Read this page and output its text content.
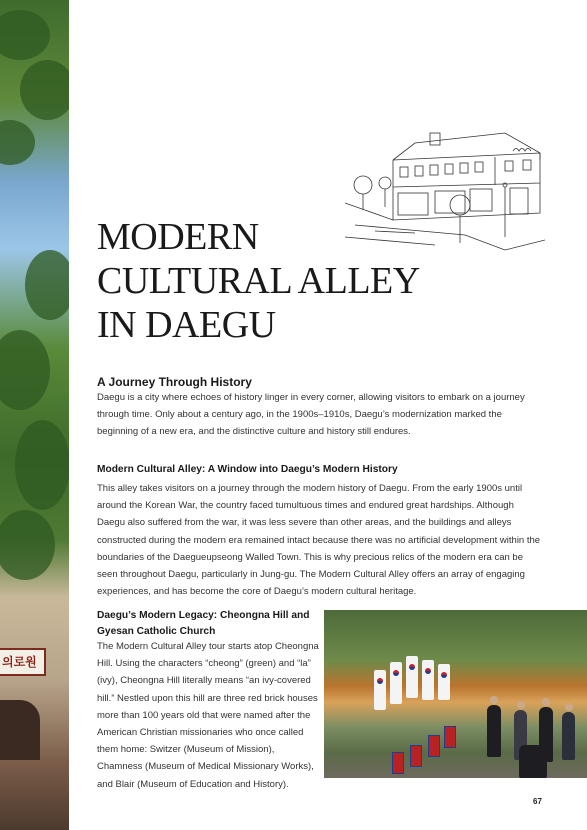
의로원
MODERN
CULTURAL ALLEY
IN DAEGU
A Journey Through History

Daegu is a city where echoes of history linger in every corner, allowing visitors to embark on a journey through time. Only about a century ago, in the 1900s–1910s, Daegu’s modernization marked the beginning of a new era, and the distinctive culture and history still endures.

Modern Cultural Alley: A Window into Daegu’s Modern History

This alley takes visitors on a journey through the modern history of Daegu. From the early 1900s until around the Korean War, the country faced tumultuous times and endured great hardships. Although Daegu also suffered from the war, it was less severe than other areas, and the buildings and alleys constructed during the modern era remained intact because there was no artificial development within the boundaries of the Daegueupseong Walled Town. This is why precious relics of the modern era can be seen throughout Daegu, particularly in Jung-gu. The Modern Cultural Alley offers an array of engaging experiences, and has become the core of Daegu’s modern cultural heritage.

Daegu’s Modern Legacy: Cheongna Hill and Gyesan Catholic Church

The Modern Cultural Alley tour starts atop Cheongna Hill. Using the characters “cheong” (green) and “la” (ivy), Cheongna Hill literally means “an ivy-covered hill.” Nestled upon this hill are three red brick houses more than 100 years old that were named after the American Christian missionaries who once called them home: Switzer (Museum of Mission), Chamness (Museum of Medical Missionary Works), and Blair (Museum of Education and History).

67
